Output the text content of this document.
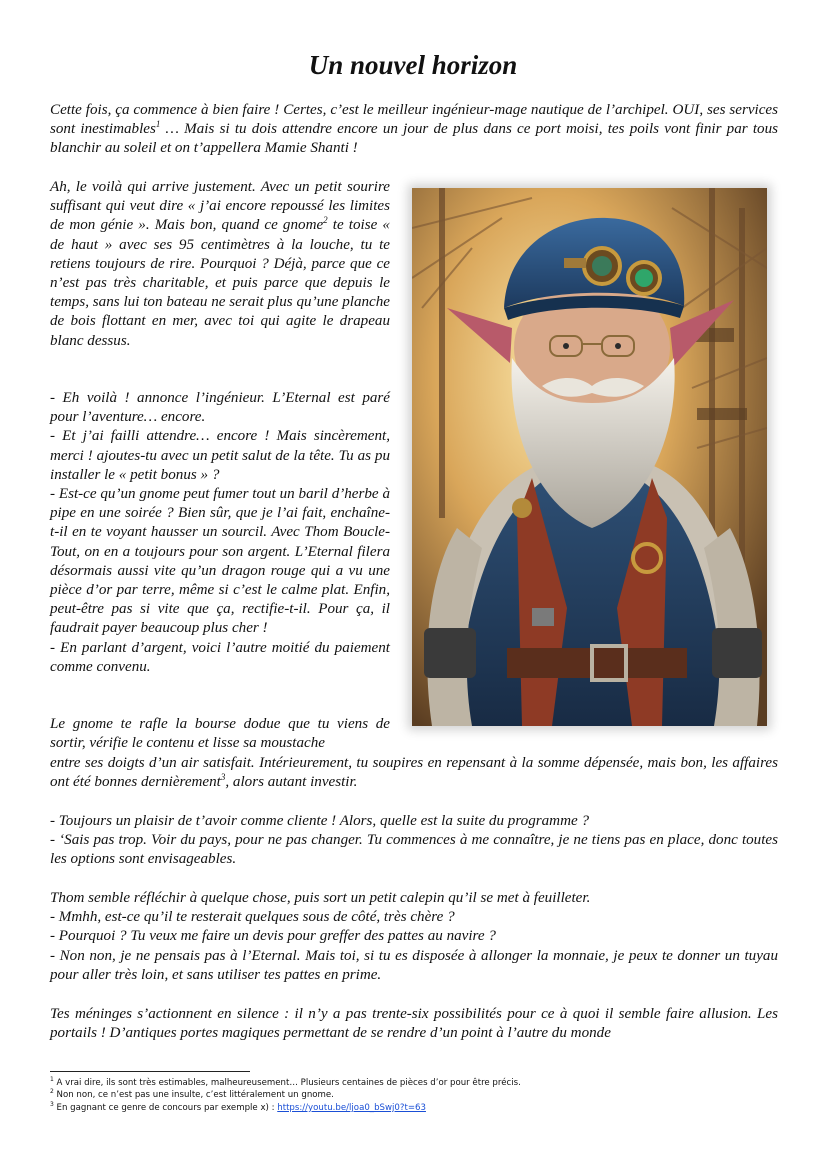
Un nouvel horizon

Cette fois, ça commence à bien faire ! Certes, c’est le meilleur ingénieur-mage nautique de l’archipel. OUI, ses services sont inestimables$^1$ … Mais si tu dois attendre encore un jour de plus dans ce port moisi, tes poils vont finir par tous blanchir au soleil et on t’appellera Mamie Shanti !

Ah, le voilà qui arrive justement. Avec un petit sourire suffisant qui veut dire « j’ai encore repoussé les limites de mon génie ». Mais bon, quand ce gnome$^2$ te toise « de haut » avec ses 95 centimètres à la louche, tu te retiens toujours de rire. Pourquoi ? Déjà, parce que ce n’est pas très charitable, et puis parce que depuis le temps, sans lui ton bateau ne serait plus qu’une planche de bois flottant en mer, avec toi qui agite le drapeau blanc dessus.

- Eh voilà ! annonce l’ingénieur. L’Eternal est paré pour l’aventure… encore.

- Et j’ai failli attendre… encore ! Mais sincèrement, merci ! ajoutes-tu avec un petit salut de la tête. Tu as pu installer le « petit bonus » ?

- Est-ce qu’un gnome peut fumer tout un baril d’herbe à pipe en une soirée ? Bien sûr, que je l’ai fait, enchaîne-t-il en te voyant hausser un sourcil. Avec Thom Boucle-Tout, on en a toujours pour son argent. L’Eternal filera désormais aussi vite qu’un dragon rouge qui a vu une pièce d’or par terre, même si c’est le calme plat. Enfin, peut-être pas si vite que ça, rectifie-t-il. Pour ça, il faudrait payer beaucoup plus cher !

- En parlant d’argent, voici l’autre moitié du paiement comme convenu.

Le gnome te rafle la bourse dodue que tu viens de sortir, vérifie le contenu et lisse sa moustache

entre ses doigts d’un air satisfait. Intérieurement, tu soupires en repensant à la somme dépensée, mais bon, les affaires ont été bonnes dernièrement$^3$, alors autant investir.

- Toujours un plaisir de t’avoir comme cliente ! Alors, quelle est la suite du programme ?

- ‘Sais pas trop. Voir du pays, pour ne pas changer. Tu commences à me connaître, je ne tiens pas en place, donc toutes les options sont envisageables.

Thom semble réfléchir à quelque chose, puis sort un petit calepin qu’il se met à feuilleter.

- Mmhh, est-ce qu’il te resterait quelques sous de côté, très chère ?

- Pourquoi ? Tu veux me faire un devis pour greffer des pattes au navire ?

- Non non, je ne pensais pas à l’Eternal. Mais toi, si tu es disposée à allonger la monnaie, je peux te donner un tuyau pour aller très loin, et sans utiliser tes pattes en prime.

Tes méninges s’actionnent en silence : il n’y a pas trente-six possibilités pour ce à quoi il semble faire allusion. Les portails ! D’antiques portes magiques permettant de se rendre d’un point à l’autre du monde

$^1$ A vrai dire, ils sont très estimables, malheureusement… Plusieurs centaines de pièces d’or pour être précis.
$^2$ Non non, ce n’est pas une insulte, c’est littéralement un gnome.
$^3$ En gagnant ce genre de concours par exemple x) : https://youtu.be/ljoa0_bSwj0?t=63
